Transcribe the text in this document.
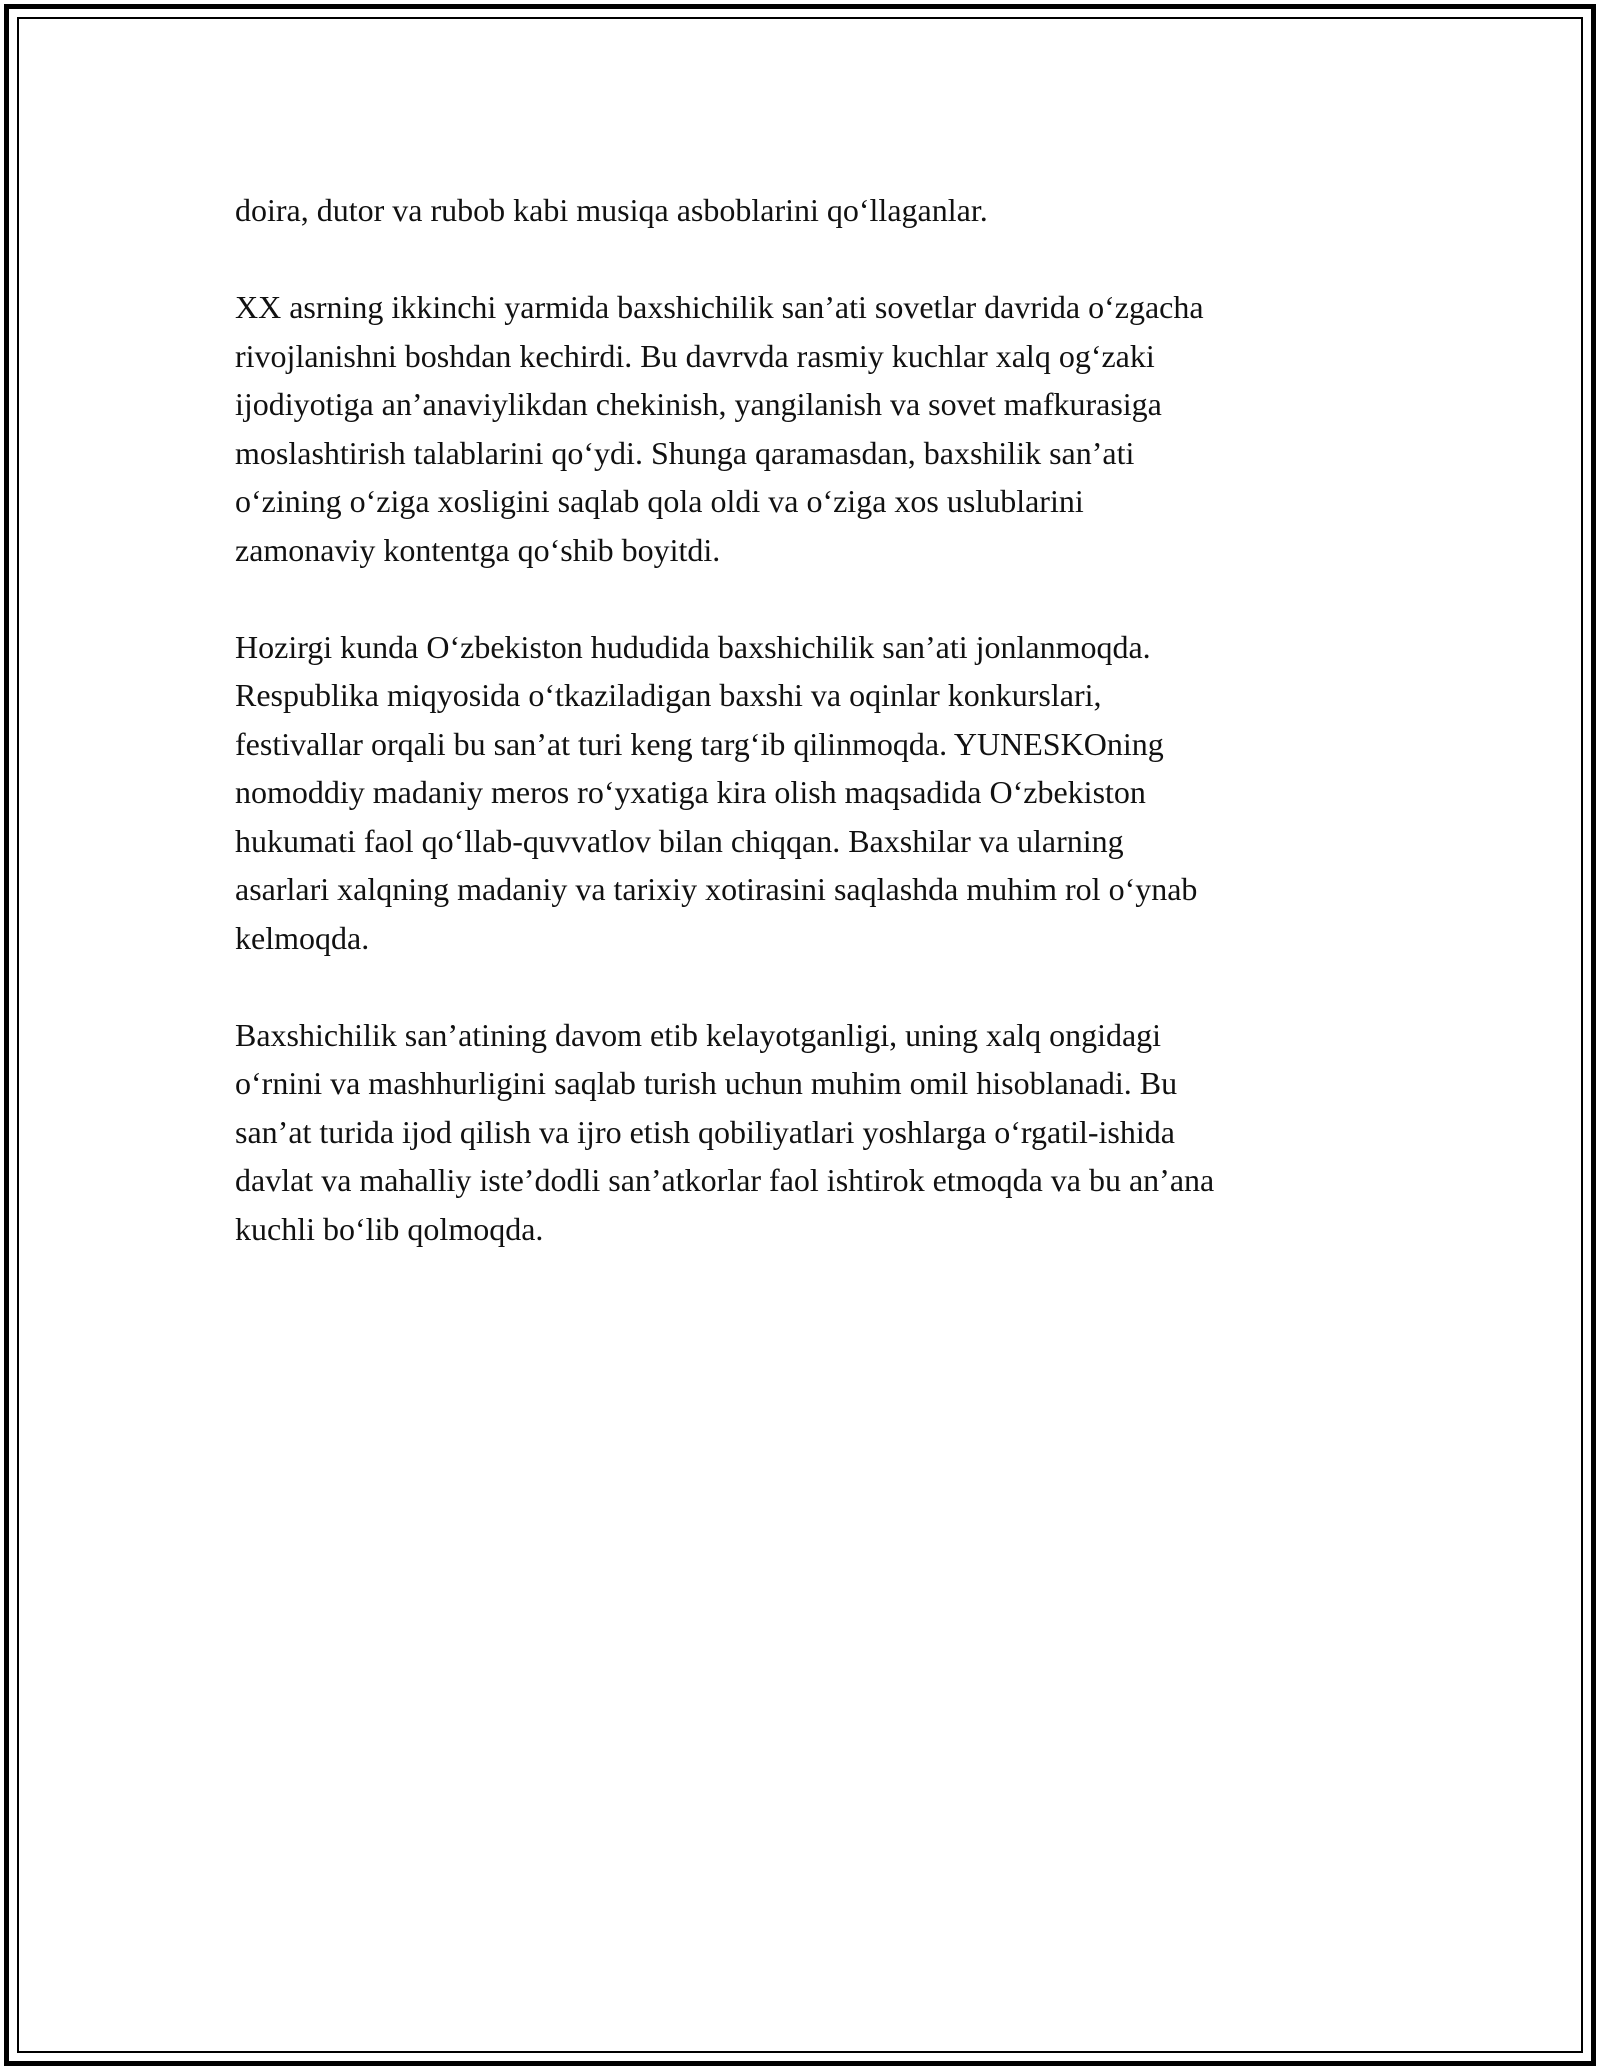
doira, dutor va rubob kabi musiqa asboblarini qo‘llaganlar.

XX asrning ikkinchi yarmida baxshichilik san’ati sovetlar davrida o‘zgacha
rivojlanishni boshdan kechirdi. Bu davrvda rasmiy kuchlar xalq og‘zaki
ijodiyotiga an’anaviylikdan chekinish, yangilanish va sovet mafkurasiga
moslashtirish talablarini qo‘ydi. Shunga qaramasdan, baxshilik san’ati
o‘zining o‘ziga xosligini saqlab qola oldi va o‘ziga xos uslublarini
zamonaviy kontentga qo‘shib boyitdi.

Hozirgi kunda O‘zbekiston hududida baxshichilik san’ati jonlanmoqda.
Respublika miqyosida o‘tkaziladigan baxshi va oqinlar konkurslari,
festivallar orqali bu san’at turi keng targ‘ib qilinmoqda. YUNESKOning
nomoddiy madaniy meros ro‘yxatiga kira olish maqsadida O‘zbekiston
hukumati faol qo‘llab-quvvatlov bilan chiqqan. Baxshilar va ularning
asarlari xalqning madaniy va tarixiy xotirasini saqlashda muhim rol o‘ynab
kelmoqda.

Baxshichilik san’atining davom etib kelayotganligi, uning xalq ongidagi
o‘rnini va mashhurligini saqlab turish uchun muhim omil hisoblanadi. Bu
san’at turida ijod qilish va ijro etish qobiliyatlari yoshlarga o‘rgatil-ishida
davlat va mahalliy iste’dodli san’atkorlar faol ishtirok etmoqda va bu an’ana
kuchli bo‘lib qolmoqda.
